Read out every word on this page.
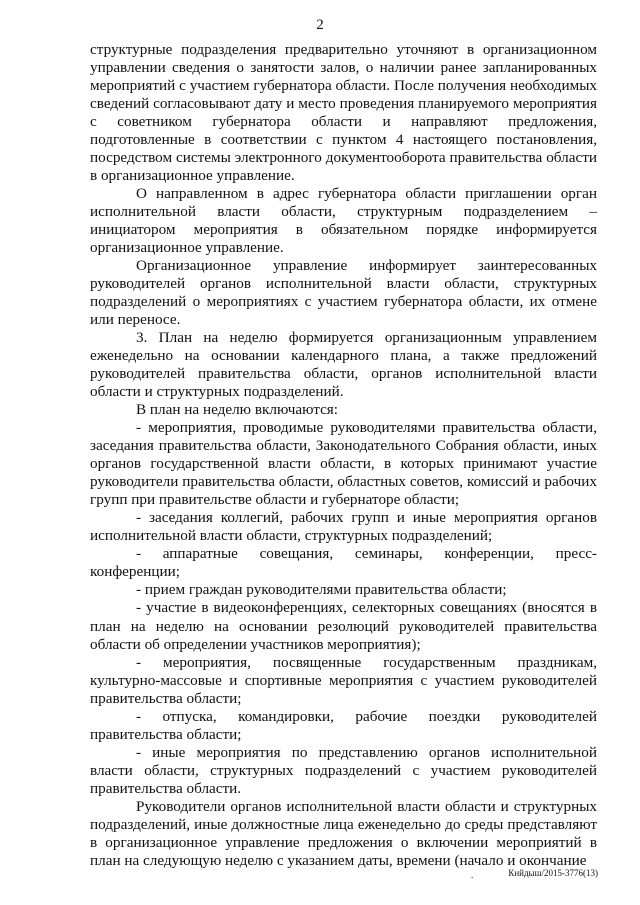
2

структурные подразделения предварительно уточняют в организационном управлении сведения о занятости залов, о наличии ранее запланированных мероприятий с участием губернатора области. После получения необходимых сведений согласовывают дату и место проведения планируемого мероприятия с советником губернатора области и направляют предложения, подготовленные в соответствии с пунктом 4 настоящего постановления, посредством системы электронного документооборота правительства области в организационное управление.

О направленном в адрес губернатора области приглашении орган исполнительной власти области, структурным подразделением – инициатором мероприятия в обязательном порядке информируется организационное управление.

Организационное управление информирует заинтересованных руководителей органов исполнительной власти области, структурных подразделений о мероприятиях с участием губернатора области, их отмене или переносе.

3. План на неделю формируется организационным управлением еженедельно на основании календарного плана, а также предложений руководителей правительства области, органов исполнительной власти области и структурных подразделений.

В план на неделю включаются:

- мероприятия, проводимые руководителями правительства области, заседания правительства области, Законодательного Собрания области, иных органов государственной власти области, в которых принимают участие руководители правительства области, областных советов, комиссий и рабочих групп при правительстве области и губернаторе области;

- заседания коллегий, рабочих групп и иные мероприятия органов исполнительной власти области, структурных подразделений;

- аппаратные совещания, семинары, конференции, пресс-конференции;

- прием граждан руководителями правительства области;

- участие в видеоконференциях, селекторных совещаниях (вносятся в план на неделю на основании резолюций руководителей правительства области об определении участников мероприятия);

- мероприятия, посвященные государственным праздникам, культурно-массовые и спортивные мероприятия с участием руководителей правительства области;

- отпуска, командировки, рабочие поездки руководителей правительства области;

- иные мероприятия по представлению органов исполнительной власти области, структурных подразделений с участием руководителей правительства области.

Руководители органов исполнительной власти области и структурных подразделений, иные должностные лица еженедельно до среды представляют в организационное управление предложения о включении мероприятий в план на следующую неделю с указанием даты, времени (начало и окончание

.	Кнйдыш/2015-3776(13)
